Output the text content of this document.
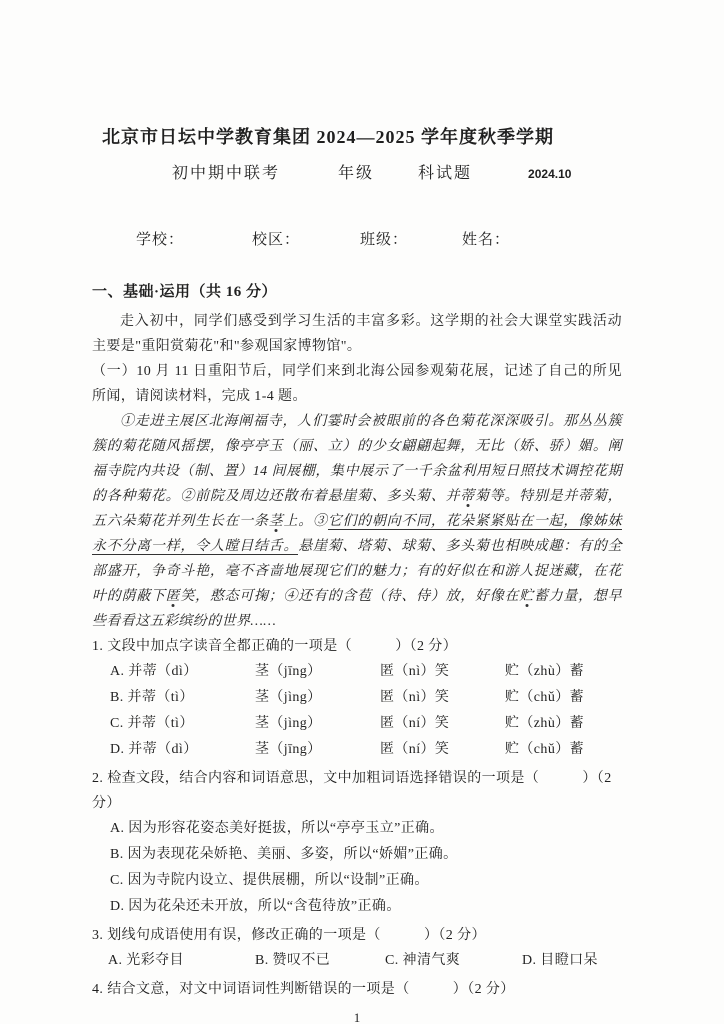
北京市日坛中学教育集团 2024—2025 学年度秋季学期
初中期中联考	年级	科试题	2024.10
学校：	校区：	班级：	姓名：
一、基础·运用（共 16 分）

走入初中，同学们感受到学习生活的丰富多彩。这学期的社会大课堂实践活动主要是"重阳赏菊花"和"参观国家博物馆"。

（一）10 月 11 日重阳节后，同学们来到北海公园参观菊花展，记述了自己的所见所闻，请阅读材料，完成 1-4 题。

①走进主展区北海阐福寺，人们霎时会被眼前的各色菊花深深吸引。那丛丛簇簇的菊花随风摇摆，像亭亭玉（丽、立）的少女翩翩起舞，无比（娇、骄）媚。阐福寺院内共设（制、置）14 间展棚，集中展示了一千余盆利用短日照技术调控花期的各种菊花。②前院及周边还散布着悬崖菊、多头菊、并蒂菊等。特别是并蒂菊，五六朵菊花并列生长在一条茎上。③它们的朝向不同，花朵紧紧贴在一起，像姊妹永不分离一样，令人瞠目结舌。悬崖菊、塔菊、球菊、多头菊也相映成趣：有的全部盛开，争奇斗艳，毫不吝啬地展现它们的魅力；有的好似在和游人捉迷藏，在花叶的荫蔽下匿笑，憨态可掬；④还有的含苞（待、侍）放，好像在贮蓄力量，想早些看看这五彩缤纷的世界……

1. 文段中加点字读音全都正确的一项是（　　　）（2 分）

A. 并蒂（dì）	茎（jīng）	匿（nì）笑	贮（zhù）蓄
B. 并蒂（tì）	茎（jìng）	匿（nì）笑	贮（chǔ）蓄
C. 并蒂（tì）	茎（jìng）	匿（ní）笑	贮（zhù）蓄
D. 并蒂（dì）	茎（jīng）	匿（ní）笑	贮（chǔ）蓄

2. 检查文段，结合内容和词语意思，文中加粗词语选择错误的一项是（　　　）（2 分）

A. 因为形容花姿态美好挺拔，所以“亭亭玉立”正确。
B. 因为表现花朵娇艳、美丽、多姿，所以“娇媚”正确。
C. 因为寺院内设立、提供展棚，所以“设制”正确。
D. 因为花朵还未开放，所以“含苞待放”正确。

3. 划线句成语使用有误，修改正确的一项是（　　　）（2 分）

A. 光彩夺目	B. 赞叹不已	C. 神清气爽	D. 目瞪口呆

4. 结合文意，对文中词语词性判断错误的一项是（　　　）（2 分）

1
